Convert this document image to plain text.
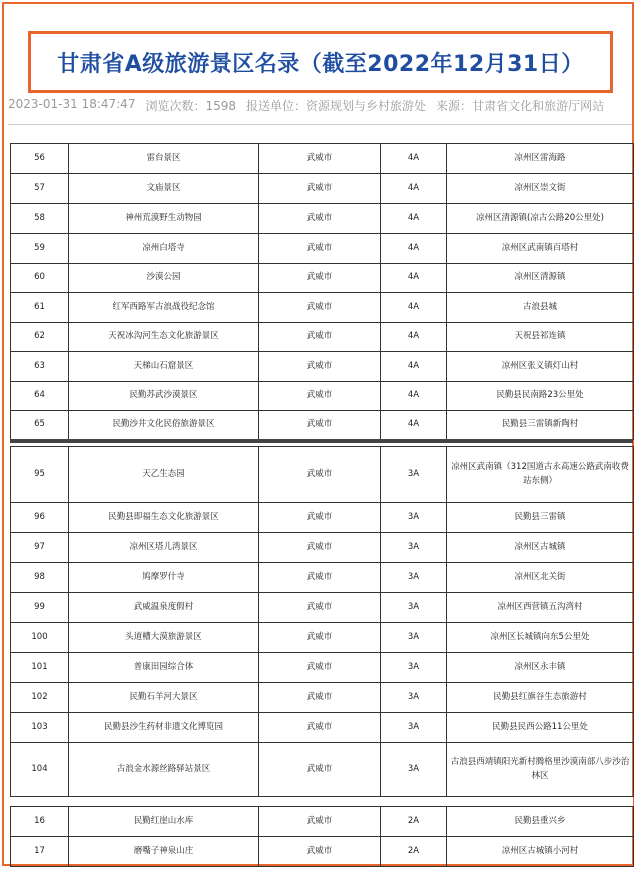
甘肃省A级旅游景区名录（截至2022年12月31日）
2023-01-31 18:47:47 浏览次数：1598 报送单位：资源规划与乡村旅游处 来源：甘肃省文化和旅游厅网站
56	雷台景区	武威市	4A	凉州区雷海路
57	文庙景区	武威市	4A	凉州区崇文街
58	神州荒漠野生动物园	武威市	4A	凉州区清源镇(凉古公路20公里处)
59	凉州白塔寺	武威市	4A	凉州区武南镇百塔村
60	沙漠公园	武威市	4A	凉州区清源镇
61	红军西路军古浪战役纪念馆	武威市	4A	古浪县城
62	天祝冰沟河生态文化旅游景区	武威市	4A	天祝县祁连镇
63	天梯山石窟景区	武威市	4A	凉州区张义镇灯山村
64	民勤苏武沙漠景区	武威市	4A	民勤县民南路23公里处
65	民勤沙井文化民俗旅游景区	武威市	4A	民勤县三雷镇新陶村
95	天乙生态园	武威市	3A	凉州区武南镇（312国道古永高速公路武南收费站东侧）
96	民勤县即福生态文化旅游景区	武威市	3A	民勤县三雷镇
97	凉州区塔儿湾景区	武威市	3A	凉州区古城镇
98	鸠摩罗什寺	武威市	3A	凉州区北关街
99	武威温泉度假村	武威市	3A	凉州区西营镇五沟湾村
100	头道槽大漠旅游景区	武威市	3A	凉州区长城镇向东5公里处
101	普康田园综合体	武威市	3A	凉州区永丰镇
102	民勤石羊河大景区	武威市	3A	民勤县红旗谷生态旅游村
103	民勤县沙生药材非遗文化博览园	武威市	3A	民勤县民西公路11公里处
104	古浪金水源丝路驿站景区	武威市	3A	古浪县西靖镇阳光新村腾格里沙漠南部八步沙治林区
16	民勤红崖山水库	武威市	2A	民勤县重兴乡
17	磨嘴子神泉山庄	武威市	2A	凉州区古城镇小河村
